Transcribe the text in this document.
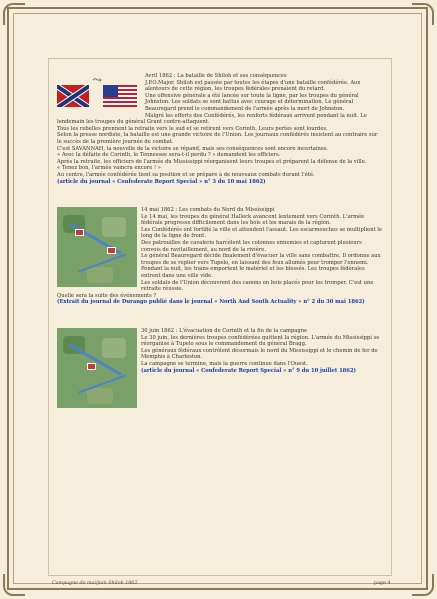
⤳	Avril 1862 : La bataille de Shiloh et ses conséquences

J.P.O.Major. Shiloh est passée par toutes les étapes d'une bataille confédérée. Aux alentours de cette région, les troupes fédérales prenaient du retard.

Une offensive générale a été lancée sur toute la ligne, par les troupes du général Johnston. Les soldats se sont battus avec courage et détermination. Le général Beauregard prend le commandement de l'armée après la mort de Johnston.

Malgré les efforts des Confédérés, les renforts fédéraux arrivent pendant la nuit. Le lendemain les troupes du général Grant contre-attaquent.

Tous les rebelles prennent la retraite vers le sud et se retirent vers Corinth. Leurs pertes sont lourdes.

Selon la presse nordiste, la bataille est une grande victoire de l'Union. Les journaux confédérés insistent au contraire sur le succès de la première journée de combat.

C'est SAVANNAH, la nouvelle de la victoire se répand, mais ses conséquences sont encore incertaines.

« Avec la défaite de Corinth, le Tennessee sera-t-il perdu ? » demandent les officiers.

Après la retraite, les officiers de l'armée du Mississippi réorganisent leurs troupes et préparent la défense de la ville.

« Tenez bon, l'armée vaincra encore ! »

Au centre, l'armée confédérée tient sa position et se prépare à de nouveaux combats durant l'été.

(article du journal « Confederate Report Special » n° 3 du 10 mai 1862)

14 mai 1862 : Les combats du Nord du Mississippi

Le 14 mai, les troupes du général Halleck avancent lentement vers Corinth. L'armée fédérale progresse difficilement dans les bois et les marais de la région.

Les Confédérés ont fortifié la ville et attendent l'assaut. Les escarmouches se multiplient le long de la ligne de front.

Des patrouilles de cavalerie harcèlent les colonnes ennemies et capturent plusieurs convois de ravitaillement, au nord de la rivière.

Le général Beauregard décide finalement d'évacuer la ville sans combattre. Il ordonne aux troupes de se replier vers Tupelo, en laissant des feux allumés pour tromper l'ennemi.

Pendant la nuit, les trains emportent le matériel et les blessés. Les troupes fédérales entrent dans une ville vide.

Les soldats de l'Union découvrent des canons en bois placés pour les tromper. C'est une retraite réussie.

Quelle sera la suite des événements ?

(Extrait du journal de Durango publié dans le journal « North And South Actuality » n° 2 du 30 mai 1862)

30 juin 1862 : L'évacuation de Corinth et la fin de la campagne

Le 30 juin, les dernières troupes confédérées quittent la région. L'armée du Mississippi se réorganise à Tupelo sous le commandement du général Bragg.

Les généraux fédéraux contrôlent désormais le nord du Mississippi et le chemin de fer de Memphis à Charleston.

La campagne se termine, mais la guerre continue dans l'Ouest.

(article du journal « Confederate Report Special » n° 9 du 10 juillet 1862)

Campagne de mai/juin Shiloh 1862	page 4
